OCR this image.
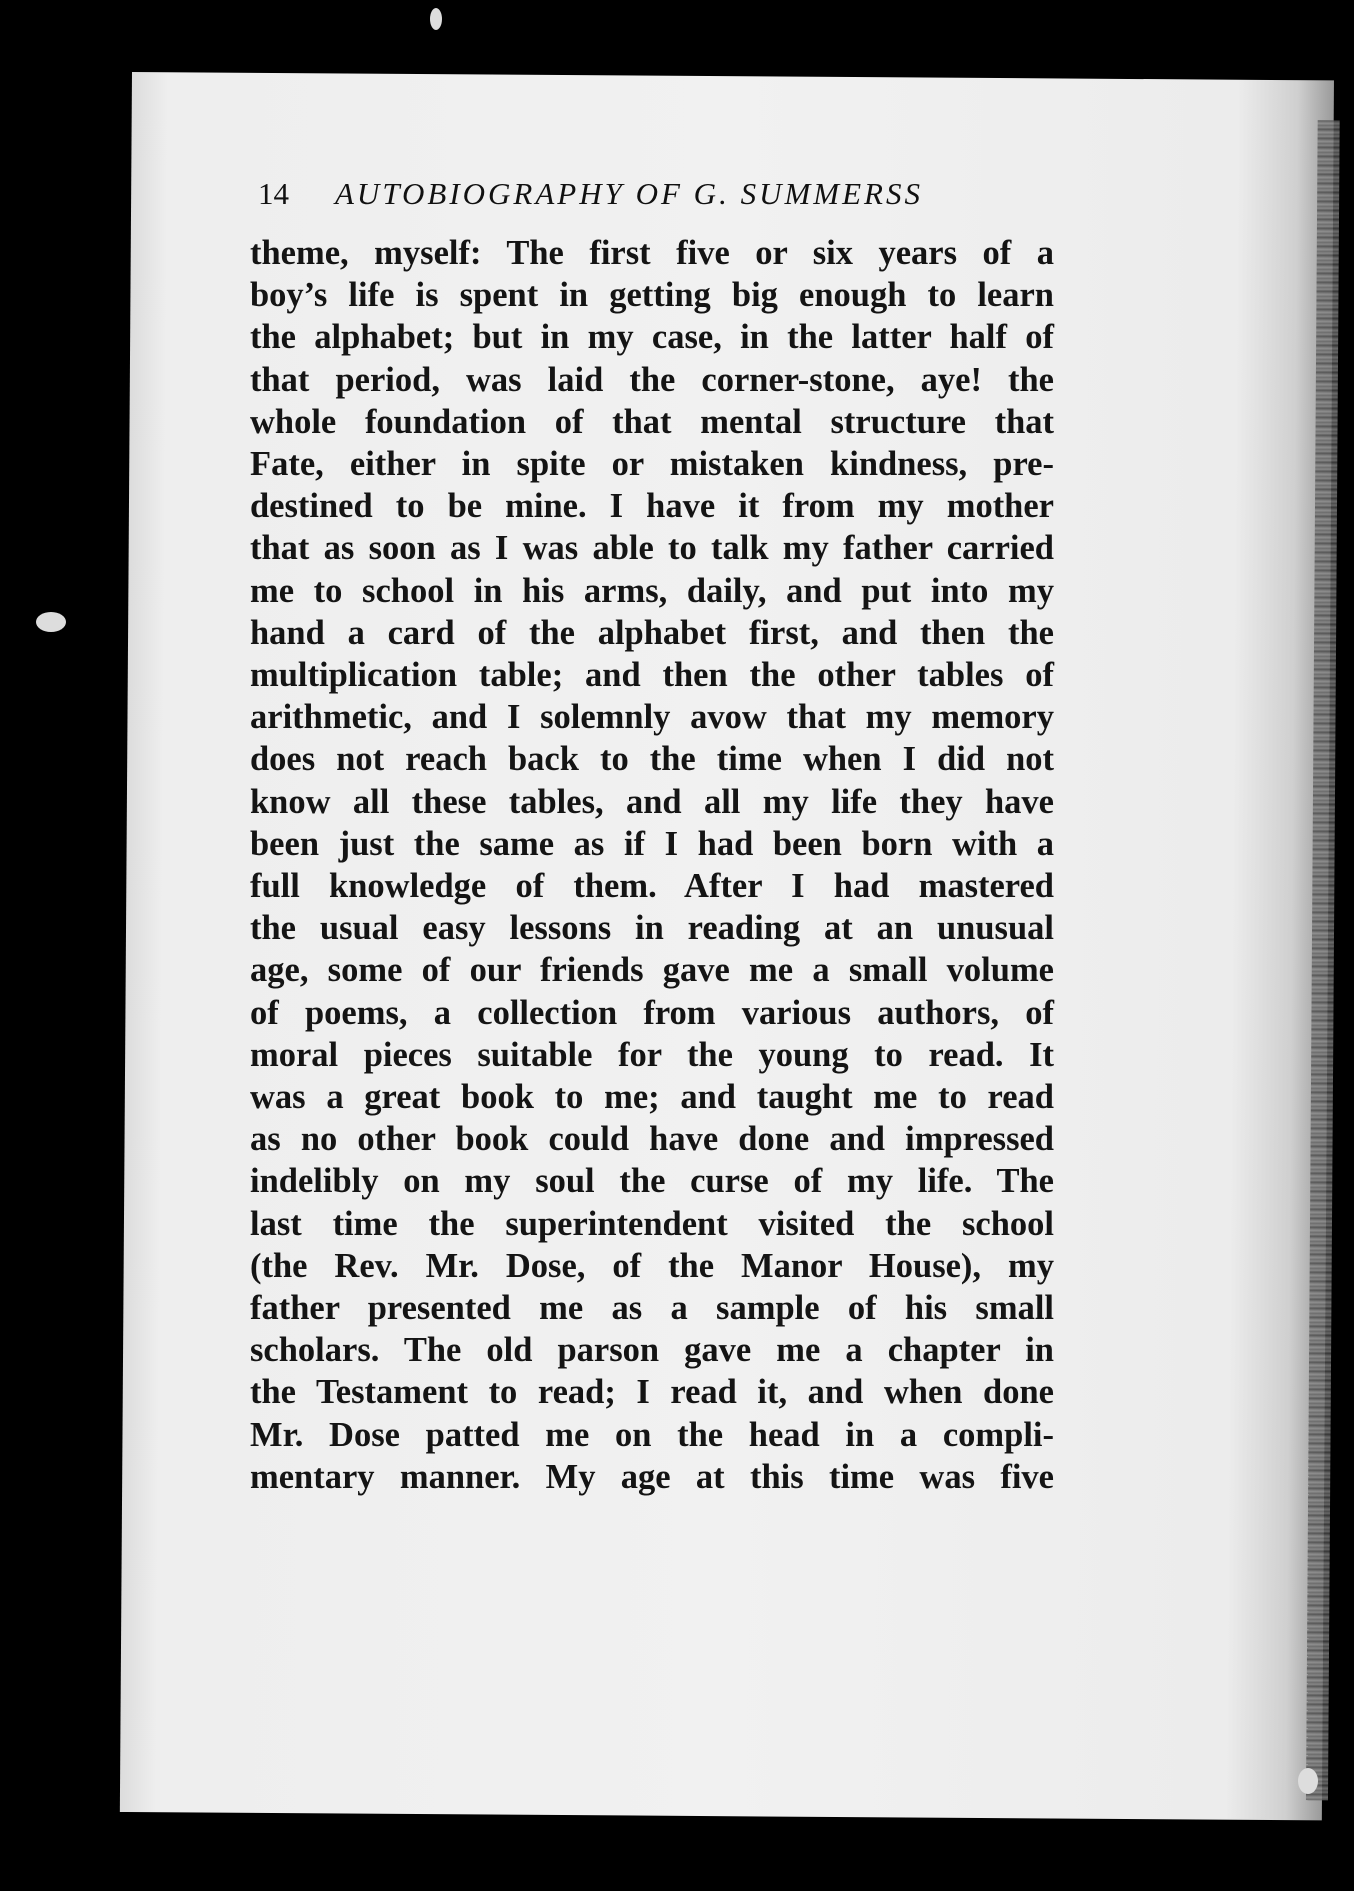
14 AUTOBIOGRAPHY OF G. SUMMERSS
theme, myself: The first five or six years of a
boy’s life is spent in getting big enough to learn
the alphabet; but in my case, in the latter half of
that period, was laid the corner-stone, aye! the
whole foundation of that mental structure that
Fate, either in spite or mistaken kindness, pre-
destined to be mine. I have it from my mother
that as soon as I was able to talk my father carried
me to school in his arms, daily, and put into my
hand a card of the alphabet first, and then the
multiplication table; and then the other tables of
arithmetic, and I solemnly avow that my memory
does not reach back to the time when I did not
know all these tables, and all my life they have
been just the same as if I had been born with a
full knowledge of them. After I had mastered
the usual easy lessons in reading at an unusual
age, some of our friends gave me a small volume
of poems, a collection from various authors, of
moral pieces suitable for the young to read. It
was a great book to me; and taught me to read
as no other book could have done and impressed
indelibly on my soul the curse of my life. The
last time the superintendent visited the school
(the Rev. Mr. Dose, of the Manor House), my
father presented me as a sample of his small
scholars. The old parson gave me a chapter in
the Testament to read; I read it, and when done
Mr. Dose patted me on the head in a compli-
mentary manner. My age at this time was five
